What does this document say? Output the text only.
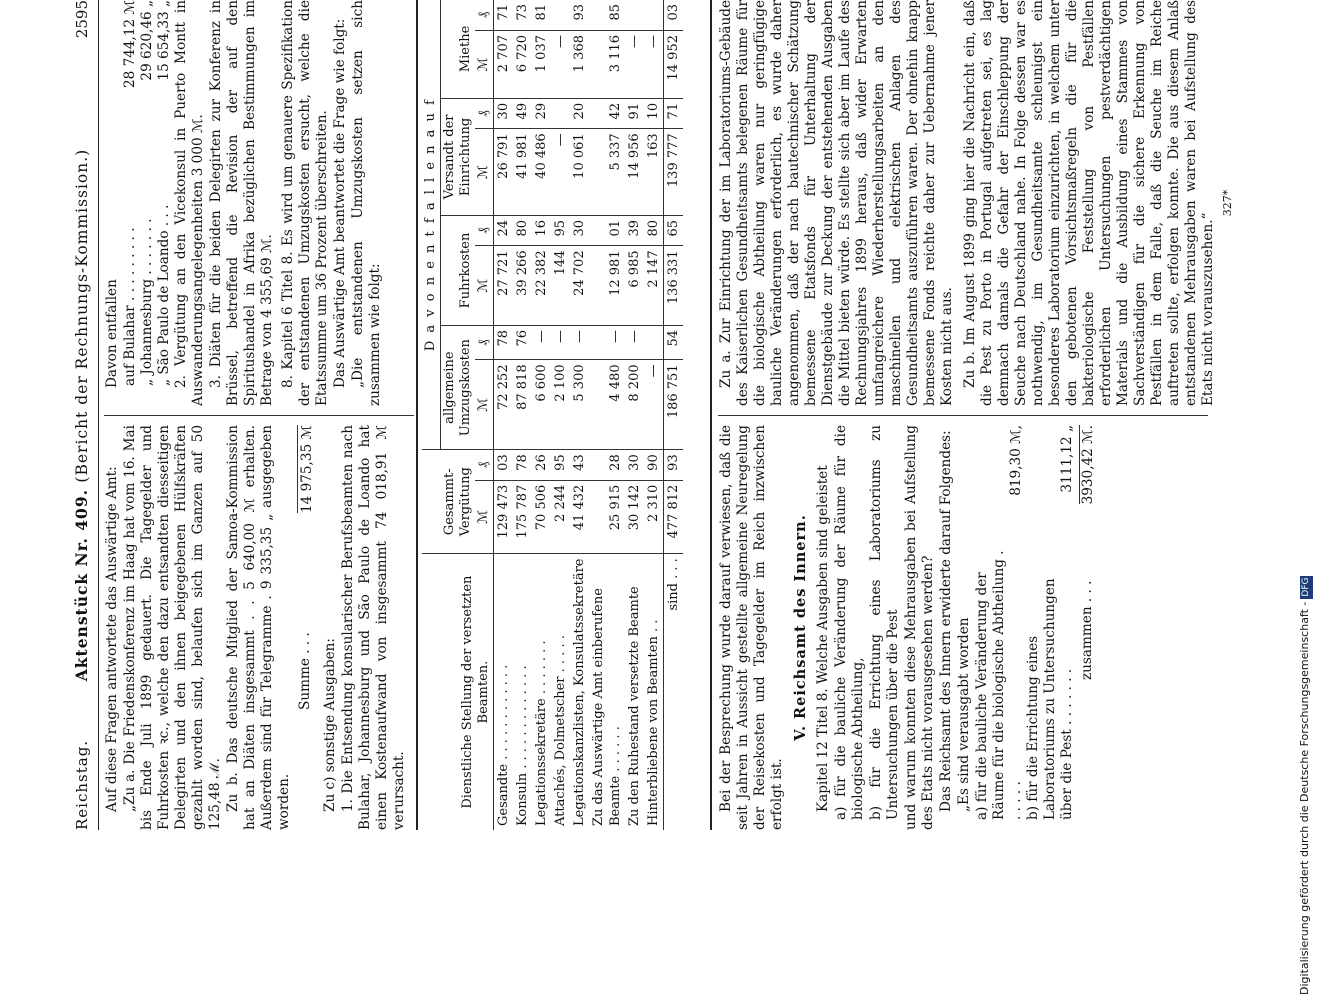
Reichstag.
Aktenstück Nr. 409. (Bericht der Rechnungs-Kommission.)
2595

Auf diese Fragen antwortete das Auswärtige Amt: „Zu a. Die Friedenskonferenz im Haag hat vom 16. Mai bis Ende Juli 1899 gedauert. Die Tagegelder und Fuhrkosten ꝛc., welche den dazu entsandten diesseitigen Delegirten und den ihnen beigegebenen Hülfskräften gezahlt worden sind, belaufen sich im Ganzen auf 50 125,48 ℳ. Zu b. Das deutsche Mitglied der Samoa-Kommission hat an Diäten insgesammt . . 5 640,00 ℳ erhalten. Außerdem sind für Telegramme . 9 335,35 „ ausgegeben worden.

Summe . . .
14 975,35 ℳ

Zu c) sonstige Ausgaben: 1. Die Entsendung konsularischer Berufsbeamten nach Bulahar, Johannesburg und São Paulo de Loando hat einen Kostenaufwand von insgesammt 74 018,91 ℳ verursacht.

Davon entfallen auf Bulahar . . . . . . . . .
28 744,12 ℳ
„ Johannesburg . . . . . . .
29 620,46 „
„ São Paulo de Loando . . .
15 654,33 „ 2. Vergütung an den Vicekonsul in Puerto Montt in Auswanderungsangelegenheiten 3 000 ℳ. 3. Diäten für die beiden Delegirten zur Konferenz in Brüssel, betreffend die Revision der auf den Spiritushandel in Afrika bezüglichen Bestimmungen im Betrage von 4 355,69 ℳ. 8. Kapitel 6 Titel 8. Es wird um genauere Spezifikation der entstandenen Umzugskosten ersucht, welche die Etatssumme um 36 Prozent überschreiten. Das Auswärtige Amt beantwortet die Frage wie folgt: „Die entstandenen Umzugskosten setzen sich zusammen wie folgt:

Dienstliche Stellung der versetzten Beamten.	Gesammt-Vergütung		D a v o n e n t f a l l e n a u f							
			allgemeine Umzugskosten		Fuhrkosten		Versandt der Einrichtung		Miethe	
	ℳ	₰	ℳ	₰	ℳ	₰	ℳ	₰	ℳ	₰
Gesandte . . . . . . . . . . . .	129 473	03	72 252	78	27 721	24	26 791	30	2 707	71
Konsuln . . . . . . . . . . . . .	175 787	78	87 818	76	39 266	80	41 981	49	6 720	73
Legationssekretäre . . . . . . .	70 506	26	6 600	—	22 382	16	40 486	29	1 037	81
Attachés, Dolmetscher . . . . .	2 244	95	2 100	—	144	95	—		—	
Legationskanzlisten, Konsulatssekretäre	41 432	43	5 300	—	24 702	30	10 061	20	1 368	93
Zu das Auswärtige Amt einberufene Beamte . . . . . .	25 915	28	4 480	—	12 981	01	5 337	42	3 116	85
Zu den Ruhestand versetzte Beamte	30 142	30	8 200	—	6 985	39	14 956	91	—	
Hinterbliebene von Beamten . .	2 310	90	—		2 147	80	163	10	—	
sind . . .	477 812	93	186 751	54	136 331	65	139 777	71	14 952	03

Bei der Besprechung wurde darauf verwiesen, daß die seit Jahren in Aussicht gestellte allgemeine Neuregelung der Reisekosten und Tagegelder im Reich inzwischen erfolgt ist.

V. Reichsamt des Innern. Kapitel 12 Titel 8. Welche Ausgaben sind geleistet a) für die bauliche Veränderung der Räume für die biologische Abtheilung, b) für die Errichtung eines Laboratoriums zu Untersuchungen über die Pest und warum konnten diese Mehrausgaben bei Aufstellung des Etats nicht vorausgesehen werden? Das Reichsamt des Innern erwiderte darauf Folgendes: „Es sind verausgabt worden a) für die bauliche Veränderung der Räume für die biologische Abtheilung . . . . . .
819,30 ℳ,
b) für die Errichtung eines Laboratoriums zu Untersuchungen über die Pest . . . . . . .
3111,12 „
zusammen . . .
3930,42 ℳ.

Zu a. Zur Einrichtung der im Laboratoriums-Gebäude des Kaiserlichen Gesundheitsamts belegenen Räume für die biologische Abtheilung waren nur geringfügige bauliche Veränderungen erforderlich, es wurde daher angenommen, daß der nach bautechnischer Schätzung bemessene Etatsfonds für Unterhaltung der Dienstgebäude zur Deckung der entstehenden Ausgaben die Mittel bieten würde. Es stellte sich aber im Laufe des Rechnungsjahres 1899 heraus, daß wider Erwarten umfangreichere Wiederherstellungsarbeiten an den maschinellen und elektrischen Anlagen des Gesundheitsamts auszuführen waren. Der ohnehin knapp bemessene Fonds reichte daher zur Uebernahme jener Kosten nicht aus. Zu b. Im August 1899 ging hier die Nachricht ein, daß die Pest zu Porto in Portugal aufgetreten sei, es lag demnach damals die Gefahr der Einschleppung der Seuche nach Deutschland nahe. In Folge dessen war es nothwendig, im Gesundheitsamte schleunigst ein besonderes Laboratorium einzurichten, in welchem unter den gebotenen Vorsichtsmaßregeln die für die bakteriologische Feststellung von Pestfällen erforderlichen Untersuchungen pestverdächtigen Materials und die Ausbildung eines Stammes von Sachverständigen für die sichere Erkennung von Pestfällen in dem Falle, daß die Seuche im Reiche auftreten sollte, erfolgen konnte. Die aus diesem Anlaß entstandenen Mehrausgaben waren bei Aufstellung des Etats nicht vorauszusehen.“

327*
Digitalisierung gefördert durch die Deutsche Forschungsgemeinschaft -DFG
